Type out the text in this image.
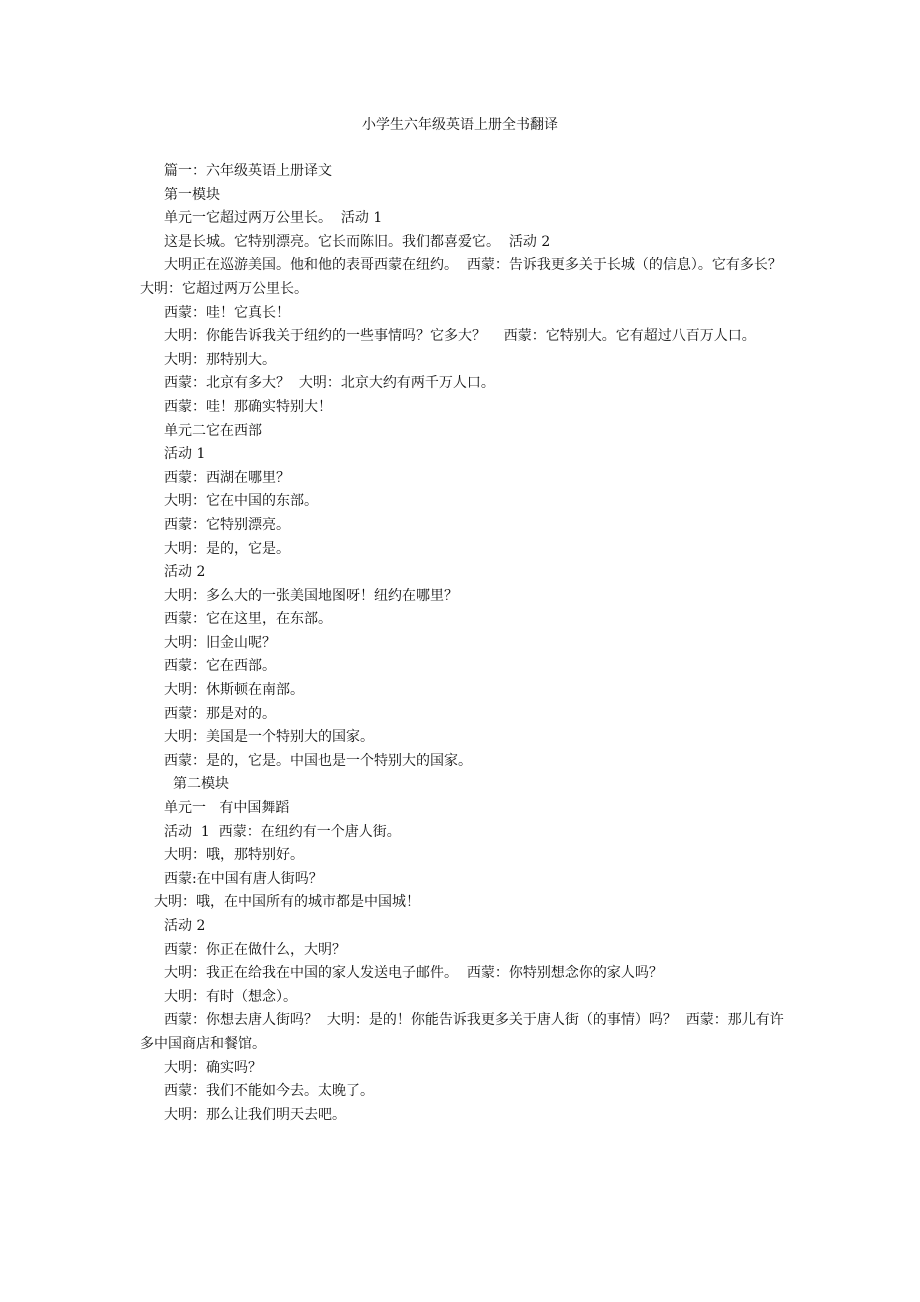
小学生六年级英语上册全书翻译

篇一：六年级英语上册译文

第一模块

单元一它超过两万公里长。  活动 1

这是长城。它特别漂亮。它长而陈旧。我们都喜爱它。  活动 2

大明正在巡游美国。他和他的表哥西蒙在纽约。  西蒙：告诉我更多关于长城（的信息）。它有多长？  大明：它超过两万公里长。

西蒙：哇！它真长！

大明：你能告诉我关于纽约的一些事情吗？它多大？    西蒙：它特别大。它有超过八百万人口。

大明：那特别大。

西蒙：北京有多大？  大明：北京大约有两千万人口。

西蒙：哇！那确实特别大！

单元二它在西部

活动 1

西蒙：西湖在哪里？

大明：它在中国的东部。

西蒙：它特别漂亮。

大明：是的，它是。

活动 2

大明：多么大的一张美国地图呀！纽约在哪里？

西蒙：它在这里，在东部。

大明：旧金山呢？

西蒙：它在西部。

大明：休斯顿在南部。

西蒙：那是对的。

大明：美国是一个特别大的国家。

西蒙：是的，它是。中国也是一个特别大的国家。

第二模块

单元一   有中国舞蹈

活动  1  西蒙：在纽约有一个唐人街。

大明：哦，那特别好。

西蒙:在中国有唐人街吗？

大明：哦，在中国所有的城市都是中国城！

活动 2

西蒙：你正在做什么，大明？

大明：我正在给我在中国的家人发送电子邮件。  西蒙：你特别想念你的家人吗？

大明：有时（想念）。

西蒙：你想去唐人街吗？  大明：是的！你能告诉我更多关于唐人街（的事情）吗？  西蒙：那儿有许多中国商店和餐馆。

大明：确实吗？

西蒙：我们不能如今去。太晚了。

大明：那么让我们明天去吧。
